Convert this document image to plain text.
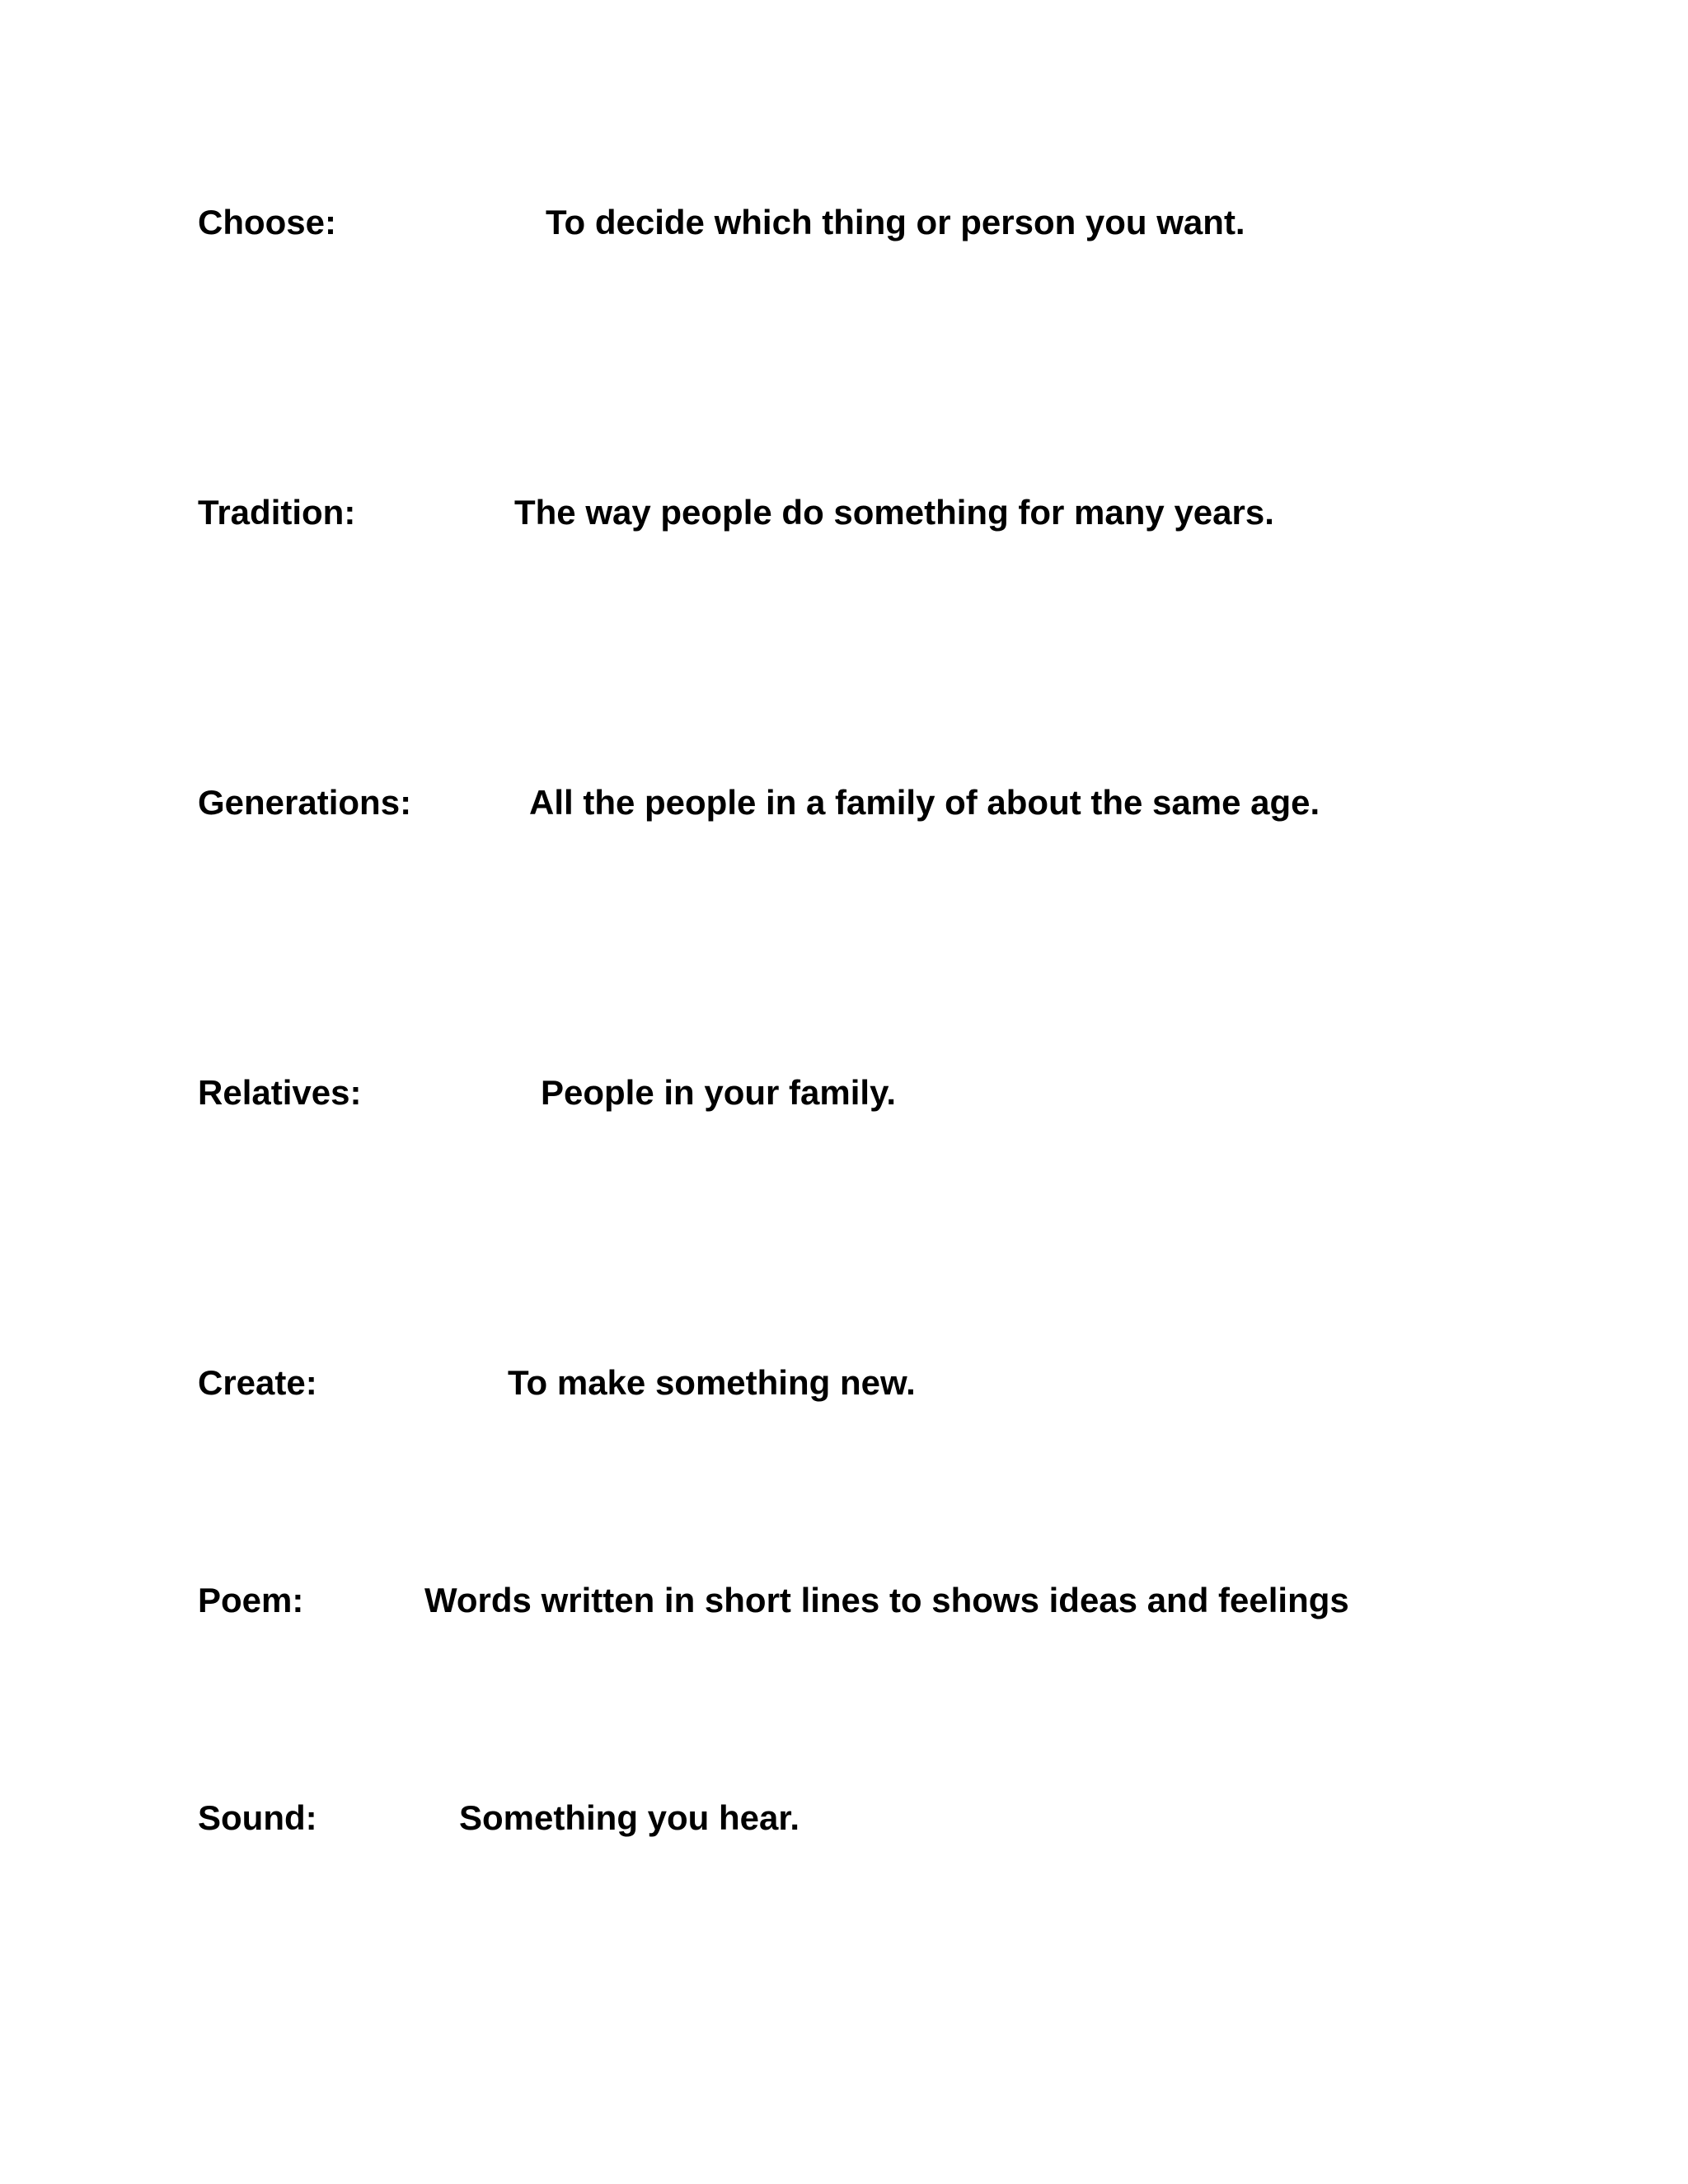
Choose:	To decide which thing or person you want.
Tradition:	The way people do something for many years.
Generations:	All the people in a family of about the same age.
Relatives:	People in your family.
Create:	To make something new.
Poem:	Words written in short lines to shows ideas and feelings
Sound:	Something you hear.
